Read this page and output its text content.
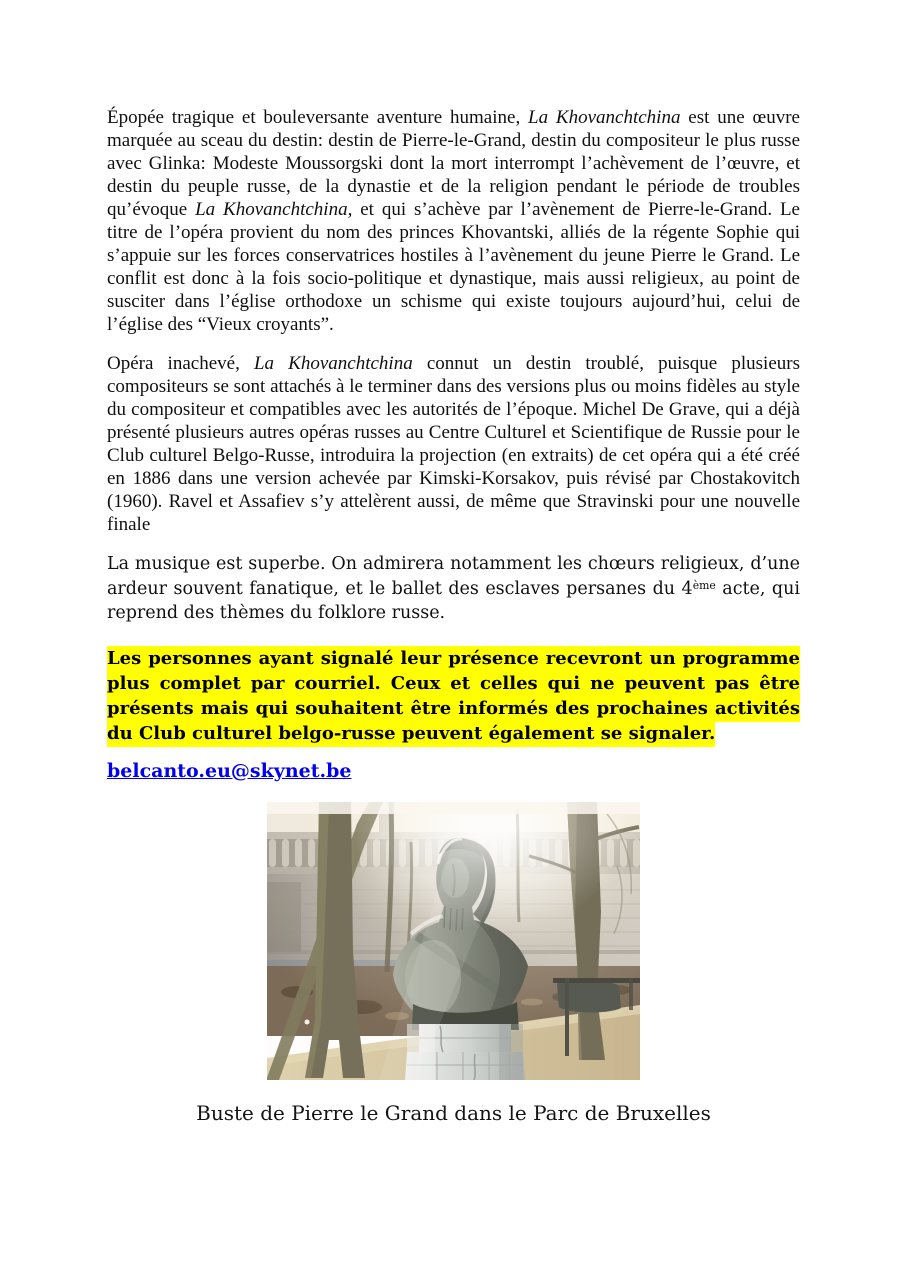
Épopée tragique et bouleversante aventure humaine, La Khovanchtchina est une œuvre marquée au sceau du destin: destin de Pierre-le-Grand, destin du compositeur le plus russe avec Glinka: Modeste Moussorgski dont la mort interrompt l’achèvement de l’œuvre, et destin du peuple russe, de la dynastie et de la religion pendant le période de troubles qu’évoque La Khovanchtchina, et qui s’achève par l’avènement de Pierre-le-Grand. Le titre de l’opéra provient du nom des princes Khovantski, alliés de la régente Sophie qui s’appuie sur les forces conservatrices hostiles à l’avènement du jeune Pierre le Grand. Le conflit est donc à la fois socio-politique et dynastique, mais aussi religieux, au point de susciter dans l’église orthodoxe un schisme qui existe toujours aujourd’hui, celui de l’église des “Vieux croyants”.

Opéra inachevé, La Khovanchtchina connut un destin troublé, puisque plusieurs compositeurs se sont attachés à le terminer dans des versions plus ou moins fidèles au style du compositeur et compatibles avec les autorités de l’époque. Michel De Grave, qui a déjà présenté plusieurs autres opéras russes au Centre Culturel et Scientifique de Russie pour le Club culturel Belgo-Russe, introduira la projection (en extraits) de cet opéra qui a été créé en 1886 dans une version achevée par Kimski-Korsakov, puis révisé par Chostakovitch (1960). Ravel et Assafiev s’y attelèrent aussi, de même que Stravinski pour une nouvelle finale

La musique est superbe. On admirera notamment les chœurs religieux, d’une ardeur souvent fanatique, et le ballet des esclaves persanes du 4ème acte, qui reprend des thèmes du folklore russe.

Les personnes ayant signalé leur présence recevront un programme plus complet par courriel. Ceux et celles qui ne peuvent pas être présents mais qui souhaitent être informés des prochaines activités du Club culturel belgo-russe peuvent également se signaler.

belcanto.eu@skynet.be

Buste de Pierre le Grand dans le Parc de Bruxelles
